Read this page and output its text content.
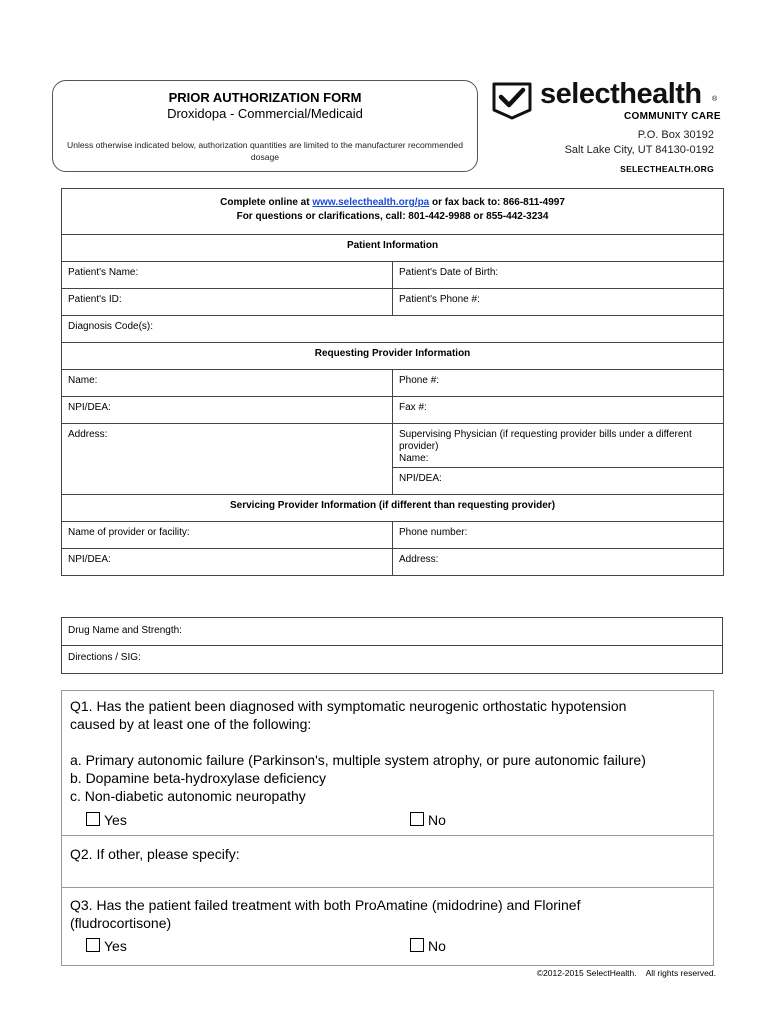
PRIOR AUTHORIZATION FORM
Droxidopa - Commercial/Medicaid
Unless otherwise indicated below, authorization quantities are limited to the manufacturer recommended dosage
selecthealth ®
COMMUNITY CARE
P.O. Box 30192
Salt Lake City, UT 84130-0192
SELECTHEALTH.ORG
Complete online at www.selecthealth.org/pa or fax back to: 866-811-4997
For questions or clarifications, call: 801-442-9988 or 855-442-3234	
Patient Information	
Patient's Name:	Patient's Date of Birth:
Patient's ID:	Patient's Phone #:
Diagnosis Code(s):	
Requesting Provider Information	
Name:	Phone #:
NPI/DEA:	Fax #:
Address:	Supervising Physician (if requesting provider bills under a different provider)
Name:
	NPI/DEA:
Servicing Provider Information (if different than requesting provider)	
Name of provider or facility:	Phone number:
NPI/DEA:	Address:
Drug Name and Strength:
Directions / SIG:
Q1. Has the patient been diagnosed with symptomatic neurogenic orthostatic hypotension
caused by at least one of the following:
a. Primary autonomic failure (Parkinson's, multiple system atrophy, or pure autonomic failure)
b. Dopamine beta-hydroxylase deficiency
c. Non-diabetic autonomic neuropathy
Yes	No
Q2. If other, please specify:
Q3. Has the patient failed treatment with both ProAmatine (midodrine) and Florinef
(fludrocortisone)
Yes	No
©2012-2015 SelectHealth.    All rights reserved.
